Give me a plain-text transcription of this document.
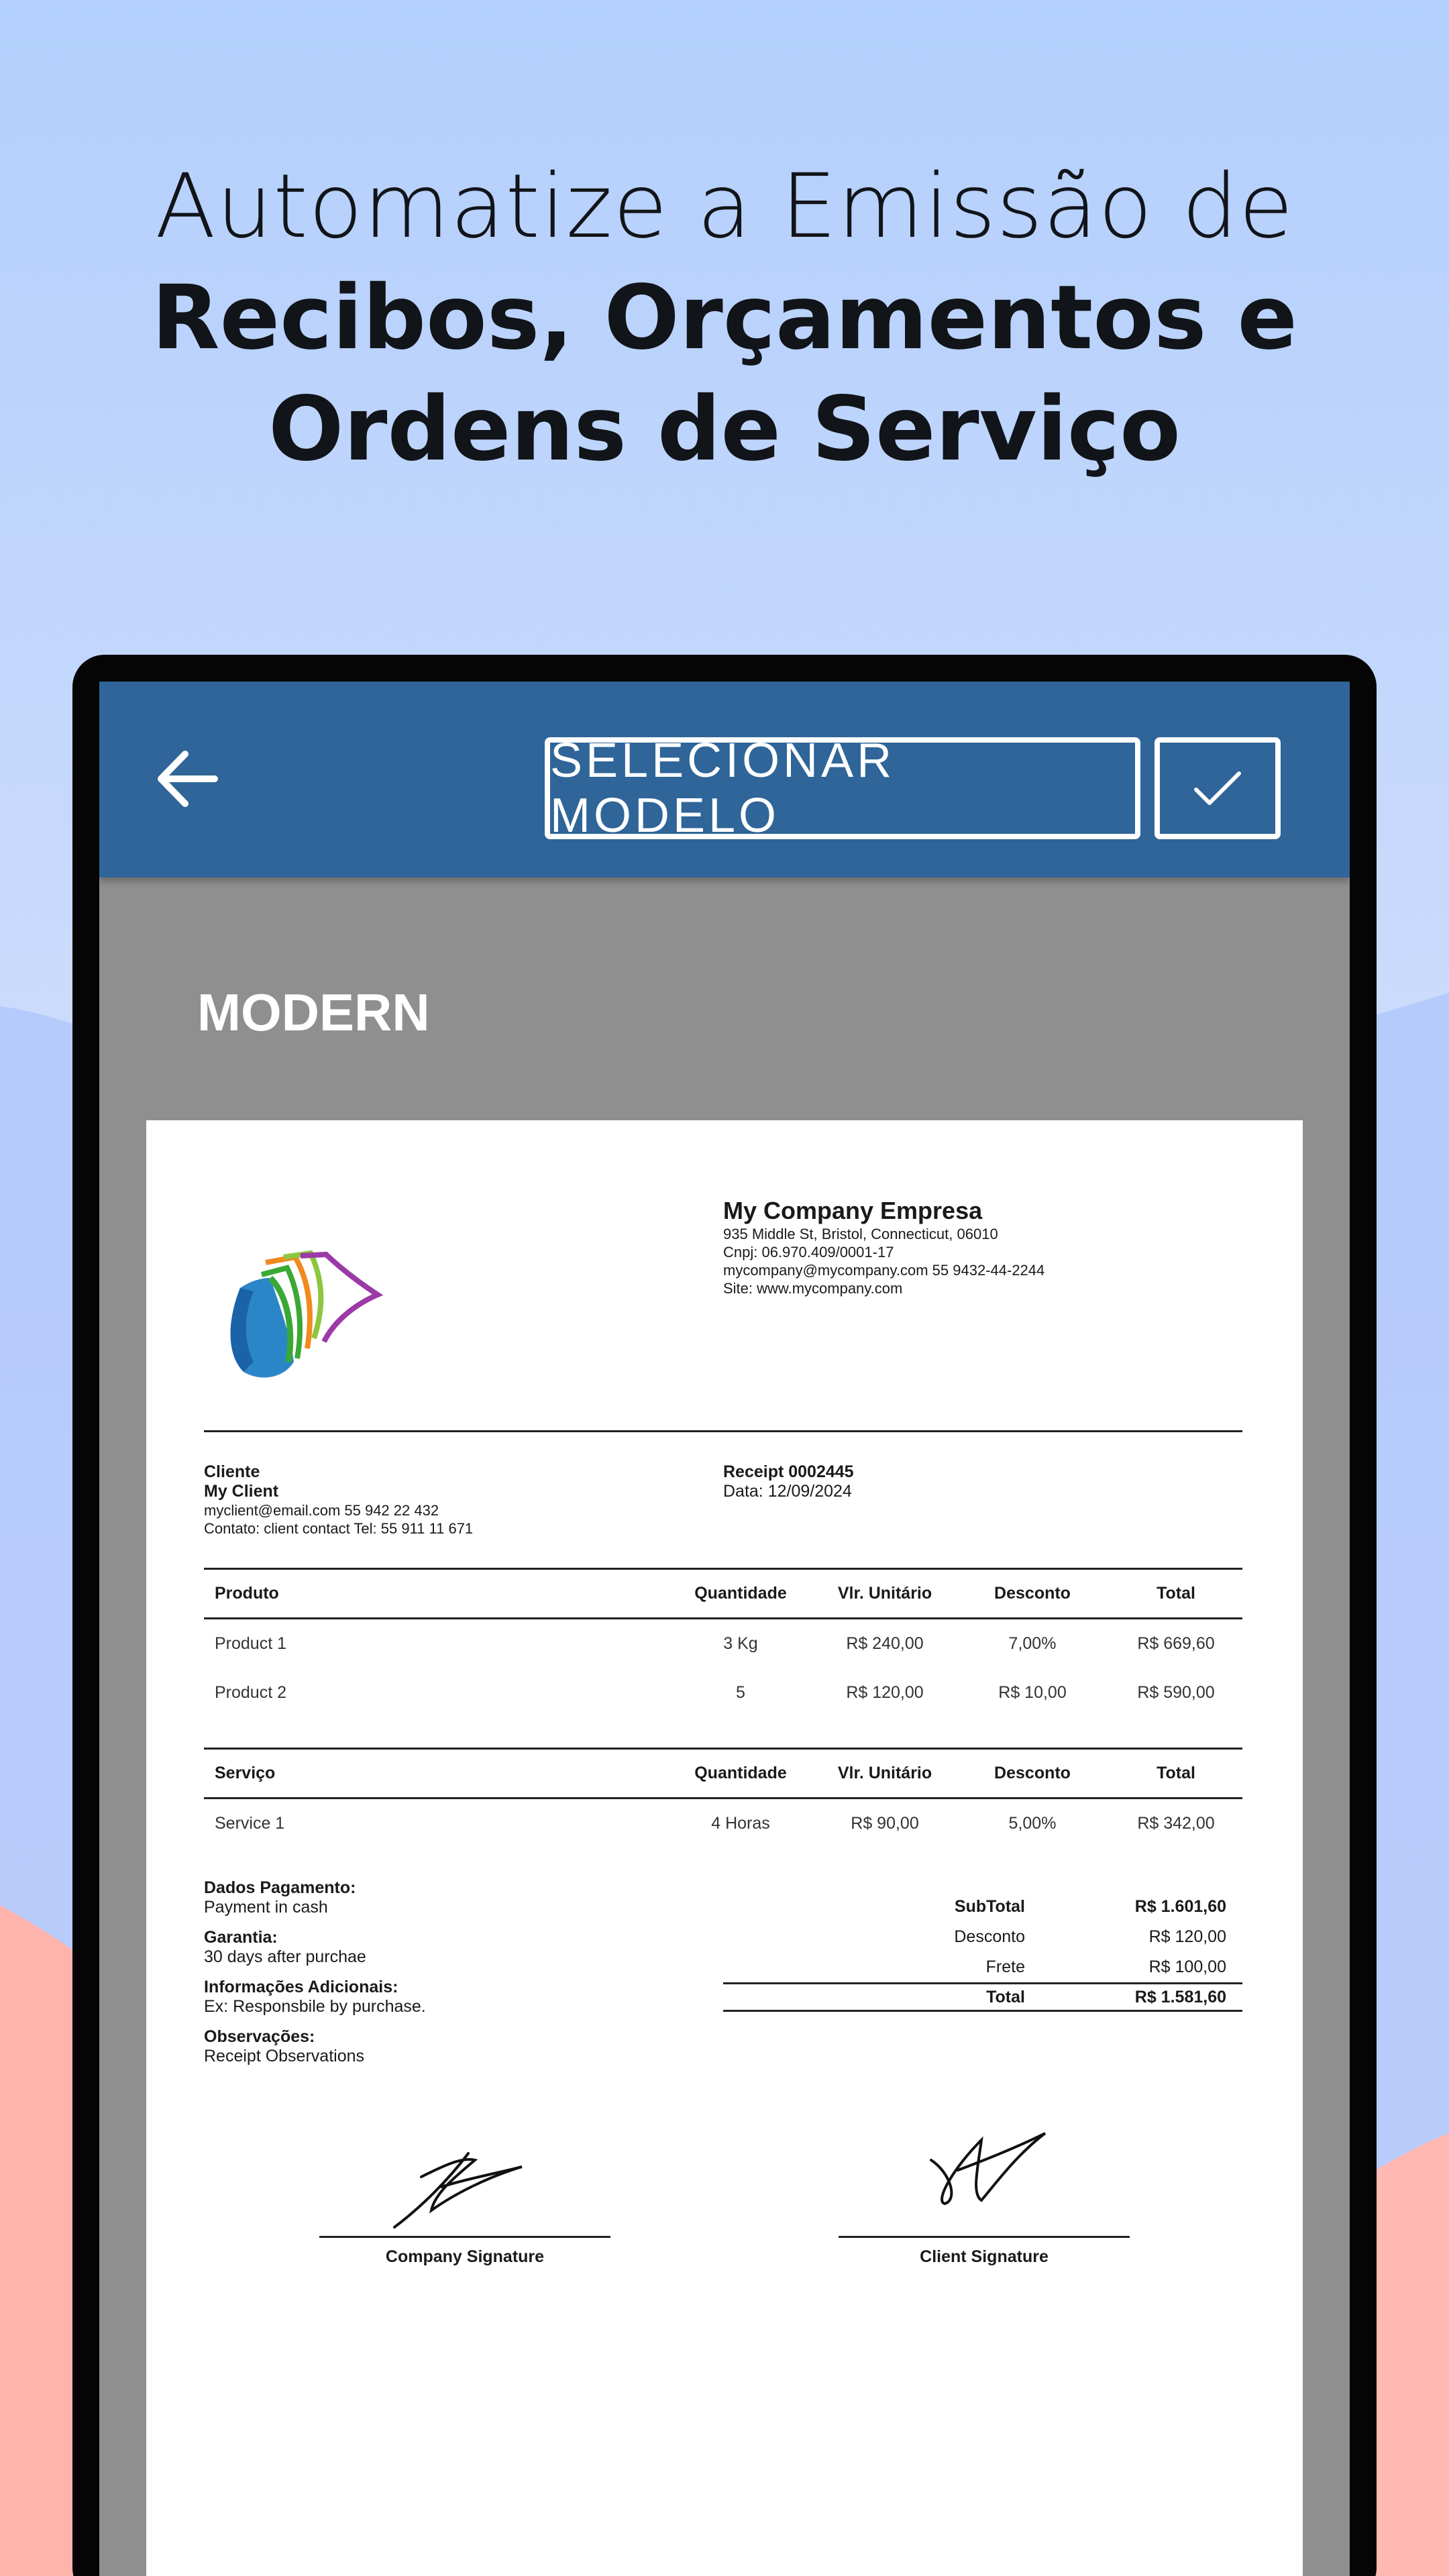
Automatize a Emissão de
Recibos, Orçamentos e
Ordens de Serviço
SELECIONAR MODELO
MODERN
My Company Empresa
935 Middle St, Bristol, Connecticut, 06010
Cnpj: 06.970.409/0001-17
mycompany@mycompany.com 55 9432-44-2244
Site: www.mycompany.com
Cliente
My Client
myclient@email.com 55 942 22 432
Contato: client contact Tel: 55 911 11 671
Receipt 0002445
Data: 12/09/2024
Produto	Quantidade	Vlr. Unitário	Desconto	Total
Product 1	3 Kg	R$ 240,00	7,00%	R$ 669,60
Product 2	5	R$ 120,00	R$ 10,00	R$ 590,00
Serviço	Quantidade	Vlr. Unitário	Desconto	Total
Service 1	4 Horas	R$ 90,00	5,00%	R$ 342,00
Dados Pagamento:
Payment in cash
Garantia:
30 days after purchae
Informações Adicionais:
Ex: Responsbile by purchase.
Observações:
Receipt Observations
SubTotal	R$ 1.601,60
Desconto	R$ 120,00
Frete	R$ 100,00
Total	R$ 1.581,60
Company Signature	Client Signature
